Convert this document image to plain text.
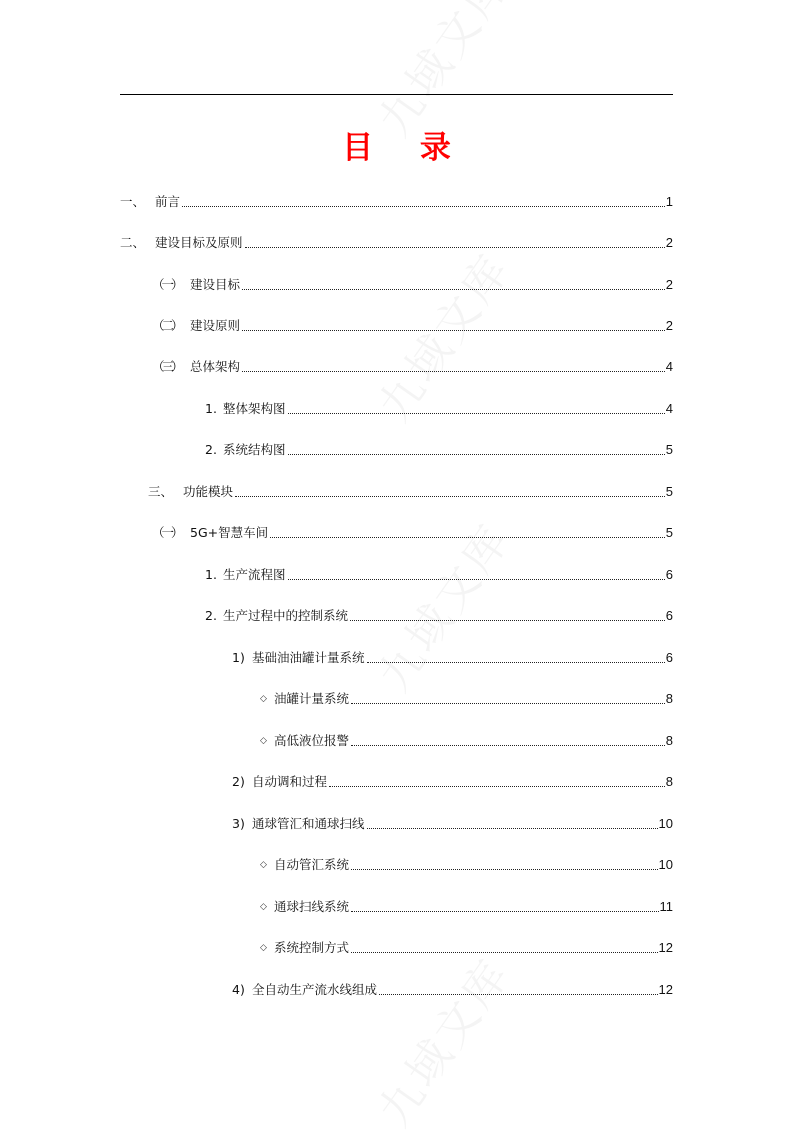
目 录
一、 前言	1
二、 建设目标及原则	2
（一） 建设目标	2
（二） 建设原则	2
（三） 总体架构	4
1. 整体架构图	4
2. 系统结构图	5
三、 功能模块	5
（一） 5G+智慧车间	5
1. 生产流程图	6
2. 生产过程中的控制系统	6
1) 基础油油罐计量系统	6
◇ 油罐计量系统	8
◇ 高低液位报警	8
2) 自动调和过程	8
3) 通球管汇和通球扫线	10
◇ 自动管汇系统	10
◇ 通球扫线系统	11
◇ 系统控制方式	12
4) 全自动生产流水线组成	12
